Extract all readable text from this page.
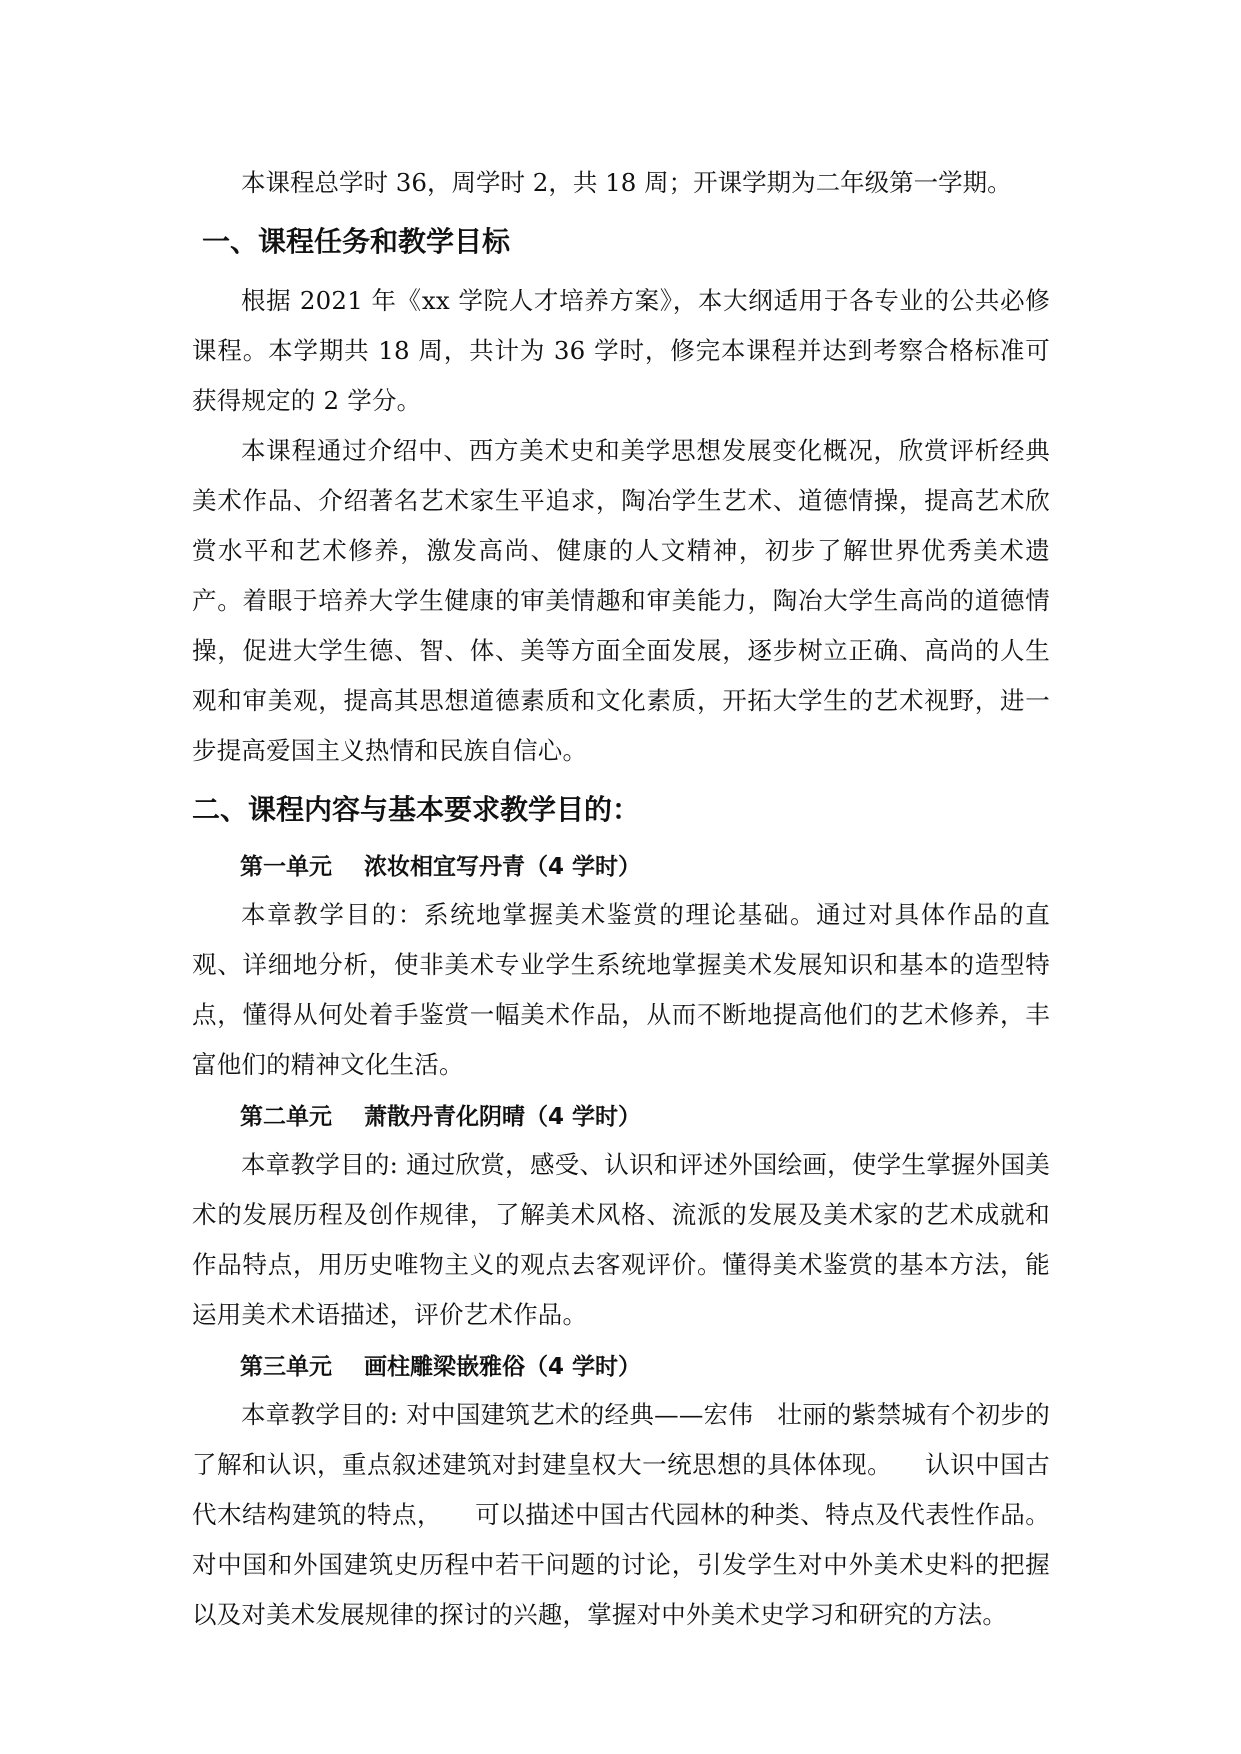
本课程总学时 36，周学时 2，共 18 周；开课学期为二年级第一学期。

一、课程任务和教学目标

根据 2021 年《xx 学院人才培养方案》，本大纲适用于各专业的公共必修课程。本学期共 18 周，共计为 36 学时，修完本课程并达到考察合格标准可获得规定的 2 学分。

本课程通过介绍中、西方美术史和美学思想发展变化概况，欣赏评析经典美术作品、介绍著名艺术家生平追求，陶冶学生艺术、道德情操，提高艺术欣赏水平和艺术修养，激发高尚、健康的人文精神，初步了解世界优秀美术遗产。着眼于培养大学生健康的审美情趣和审美能力，陶冶大学生高尚的道德情操，促进大学生德、智、体、美等方面全面发展，逐步树立正确、高尚的人生观和审美观，提高其思想道德素质和文化素质，开拓大学生的艺术视野，进一步提高爱国主义热情和民族自信心。

二、课程内容与基本要求教学目的：
第一单元    浓妆相宜写丹青（4 学时）

本章教学目的：系统地掌握美术鉴赏的理论基础。通过对具体作品的直观、详细地分析，使非美术专业学生系统地掌握美术发展知识和基本的造型特点，懂得从何处着手鉴赏一幅美术作品，从而不断地提高他们的艺术修养，丰富他们的精神文化生活。

第二单元    萧散丹青化阴晴（4 学时）

本章教学目的: 通过欣赏，感受、认识和评述外国绘画，使学生掌握外国美术的发展历程及创作规律，了解美术风格、流派的发展及美术家的艺术成就和作品特点，用历史唯物主义的观点去客观评价。懂得美术鉴赏的基本方法，能运用美术术语描述，评价艺术作品。

第三单元    画柱雕梁嵌雅俗（4 学时）

本章教学目的: 对中国建筑艺术的经典——宏伟   壮丽的紫禁城有个初步的了解和认识，重点叙述建筑对封建皇权大一统思想的具体体现。    认识中国古代木结构建筑的特点，    可以描述中国古代园林的种类、特点及代表性作品。    对中国和外国建筑史历程中若干问题的讨论，引发学生对中外美术史料的把握以及对美术发展规律的探讨的兴趣，掌握对中外美术史学习和研究的方法。
